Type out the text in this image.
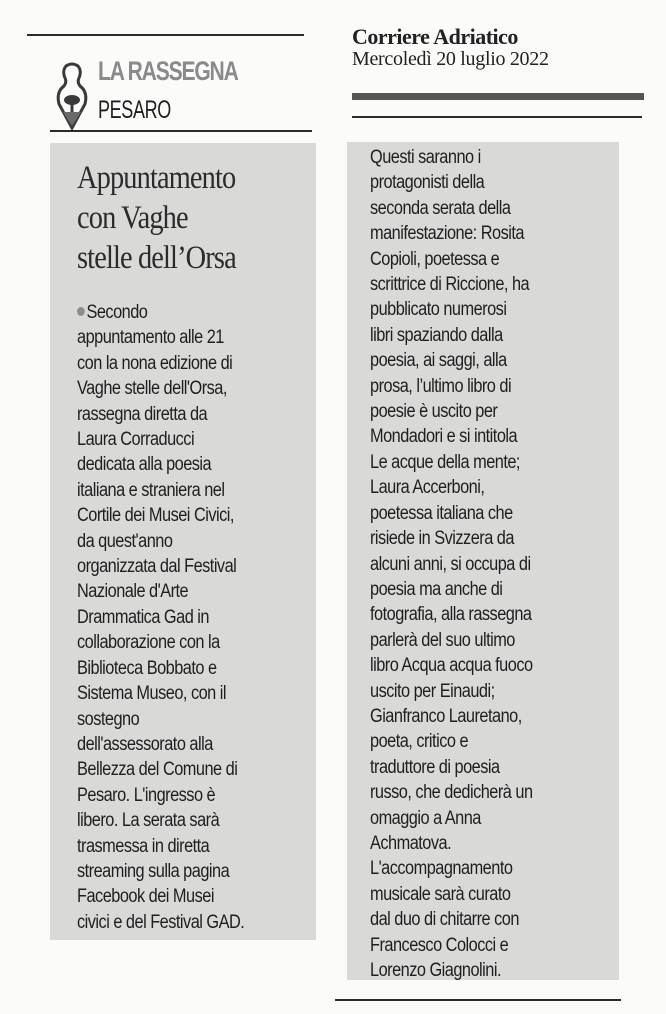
LA RASSEGNA
PESARO
Corriere Adriatico
Mercoledì 20 luglio 2022
Appuntamento
con Vaghe
stelle dell’Orsa
Secondo
appuntamento alle 21
con la nona edizione di
Vaghe stelle dell'Orsa,
rassegna diretta da
Laura Corraducci
dedicata alla poesia
italiana e straniera nel
Cortile dei Musei Civici,
da quest'anno
organizzata dal Festival
Nazionale d'Arte
Drammatica Gad in
collaborazione con la
Biblioteca Bobbato e
Sistema Museo, con il
sostegno
dell'assessorato alla
Bellezza del Comune di
Pesaro. L'ingresso è
libero. La serata sarà
trasmessa in diretta
streaming sulla pagina
Facebook dei Musei
civici e del Festival GAD.
Questi saranno i
protagonisti della
seconda serata della
manifestazione: Rosita
Copioli, poetessa e
scrittrice di Riccione, ha
pubblicato numerosi
libri spaziando dalla
poesia, ai saggi, alla
prosa, l’ultimo libro di
poesie è uscito per
Mondadori e si intitola
Le acque della mente;
Laura Accerboni,
poetessa italiana che
risiede in Svizzera da
alcuni anni, si occupa di
poesia ma anche di
fotografia, alla rassegna
parlerà del suo ultimo
libro Acqua acqua fuoco
uscito per Einaudi;
Gianfranco Lauretano,
poeta, critico e
traduttore di poesia
russo, che dedicherà un
omaggio a Anna
Achmatova.
L'accompagnamento
musicale sarà curato
dal duo di chitarre con
Francesco Colocci e
Lorenzo Giagnolini.
